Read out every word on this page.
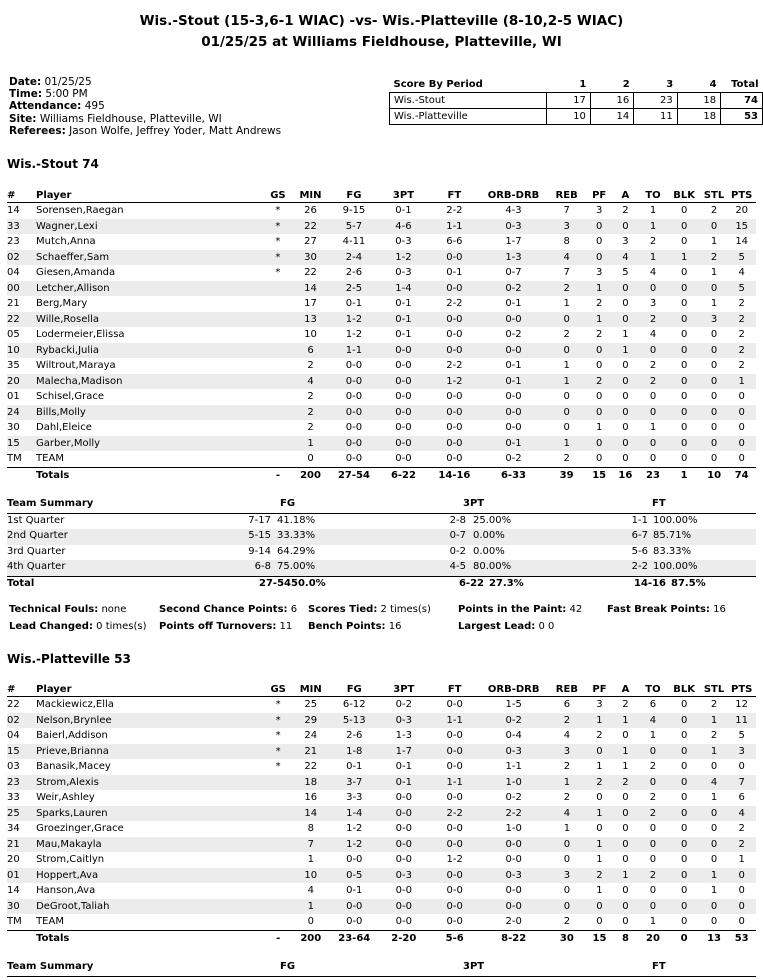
Wis.-Stout (15-3,6-1 WIAC) -vs- Wis.-Platteville (8-10,2-5 WIAC)
01/25/25 at Williams Fieldhouse, Platteville, WI
Date: 01/25/25
Time: 5:00 PM
Attendance: 495
Site: Williams Fieldhouse, Platteville, WI
Referees: Jason Wolfe, Jeffrey Yoder, Matt Andrews
Score By Period	1	2	3	4	Total
Wis.-Stout	17	16	23	18	74
Wis.-Platteville	10	14	11	18	53
Wis.-Stout 74
#	Player	GS	MIN	FG	3PT	FT	ORB-DRB	REB	PF	A	TO	BLK	STL	PTS
14	Sorensen,Raegan	*	26	9-15	0-1	2-2	4-3	7	3	2	1	0	2	20
33	Wagner,Lexi	*	22	5-7	4-6	1-1	0-3	3	0	0	1	0	0	15
23	Mutch,Anna	*	27	4-11	0-3	6-6	1-7	8	0	3	2	0	1	14
02	Schaeffer,Sam	*	30	2-4	1-2	0-0	1-3	4	0	4	1	1	2	5
04	Giesen,Amanda	*	22	2-6	0-3	0-1	0-7	7	3	5	4	0	1	4
00	Letcher,Allison		14	2-5	1-4	0-0	0-2	2	1	0	0	0	0	5
21	Berg,Mary		17	0-1	0-1	2-2	0-1	1	2	0	3	0	1	2
22	Wille,Rosella		13	1-2	0-1	0-0	0-0	0	1	0	2	0	3	2
05	Lodermeier,Elissa		10	1-2	0-1	0-0	0-2	2	2	1	4	0	0	2
10	Rybacki,Julia		6	1-1	0-0	0-0	0-0	0	0	1	0	0	0	2
35	Wiltrout,Maraya		2	0-0	0-0	2-2	0-1	1	0	0	2	0	0	2
20	Malecha,Madison		4	0-0	0-0	1-2	0-1	1	2	0	2	0	0	1
01	Schisel,Grace		2	0-0	0-0	0-0	0-0	0	0	0	0	0	0	0
24	Bills,Molly		2	0-0	0-0	0-0	0-0	0	0	0	0	0	0	0
30	Dahl,Eleice		2	0-0	0-0	0-0	0-0	0	1	0	1	0	0	0
15	Garber,Molly		1	0-0	0-0	0-0	0-1	1	0	0	0	0	0	0
TM	TEAM		0	0-0	0-0	0-0	0-2	2	0	0	0	0	0	0
	Totals	-	200	27-54	6-22	14-16	6-33	39	15	16	23	1	10	74
Team Summary	FG	3PT	FT
1st Quarter	7-17 41.18%	2-8 25.00%	1-1 100.00%
2nd Quarter	5-15 33.33%	0-7 0.00%	6-7 85.71%
3rd Quarter	9-14 64.29%	0-2 0.00%	5-6 83.33%
4th Quarter	6-8 75.00%	4-5 80.00%	2-2 100.00%
Total	27-54 50.0%	6-22 27.3%	14-16 87.5%
Technical Fouls: none	Second Chance Points: 6 Scores Tied: 2 times(s)	Points in the Paint: 42 Fast Break Points: 16
Lead Changed: 0 times(s) Points off Turnovers: 11 Bench Points: 16	Largest Lead: 0 0
Wis.-Platteville 53
#	Player	GS	MIN	FG	3PT	FT	ORB-DRB	REB	PF	A	TO	BLK	STL	PTS
22	Mackiewicz,Ella	*	25	6-12	0-2	0-0	1-5	6	3	2	6	0	2	12
02	Nelson,Brynlee	*	29	5-13	0-3	1-1	0-2	2	1	1	4	0	1	11
04	Baierl,Addison	*	24	2-6	1-3	0-0	0-4	4	2	0	1	0	2	5
15	Prieve,Brianna	*	21	1-8	1-7	0-0	0-3	3	0	1	0	0	1	3
03	Banasik,Macey	*	22	0-1	0-1	0-0	1-1	2	1	1	2	0	0	0
23	Strom,Alexis		18	3-7	0-1	1-1	1-0	1	2	2	0	0	4	7
33	Weir,Ashley		16	3-3	0-0	0-0	0-2	2	0	0	2	0	1	6
25	Sparks,Lauren		14	1-4	0-0	2-2	2-2	4	1	0	2	0	0	4
34	Groezinger,Grace		8	1-2	0-0	0-0	1-0	1	0	0	0	0	0	2
21	Mau,Makayla		7	1-2	0-0	0-0	0-0	0	1	0	0	0	0	2
20	Strom,Caitlyn		1	0-0	0-0	1-2	0-0	0	1	0	0	0	0	1
01	Hoppert,Ava		10	0-5	0-3	0-0	0-3	3	2	1	2	0	1	0
14	Hanson,Ava		4	0-1	0-0	0-0	0-0	0	1	0	0	0	1	0
30	DeGroot,Taliah		1	0-0	0-0	0-0	0-0	0	0	0	0	0	0	0
TM	TEAM		0	0-0	0-0	0-0	2-0	2	0	0	1	0	0	0
	Totals	-	200	23-64	2-20	5-6	8-22	30	15	8	20	0	13	53
Team Summary	FG	3PT	FT
